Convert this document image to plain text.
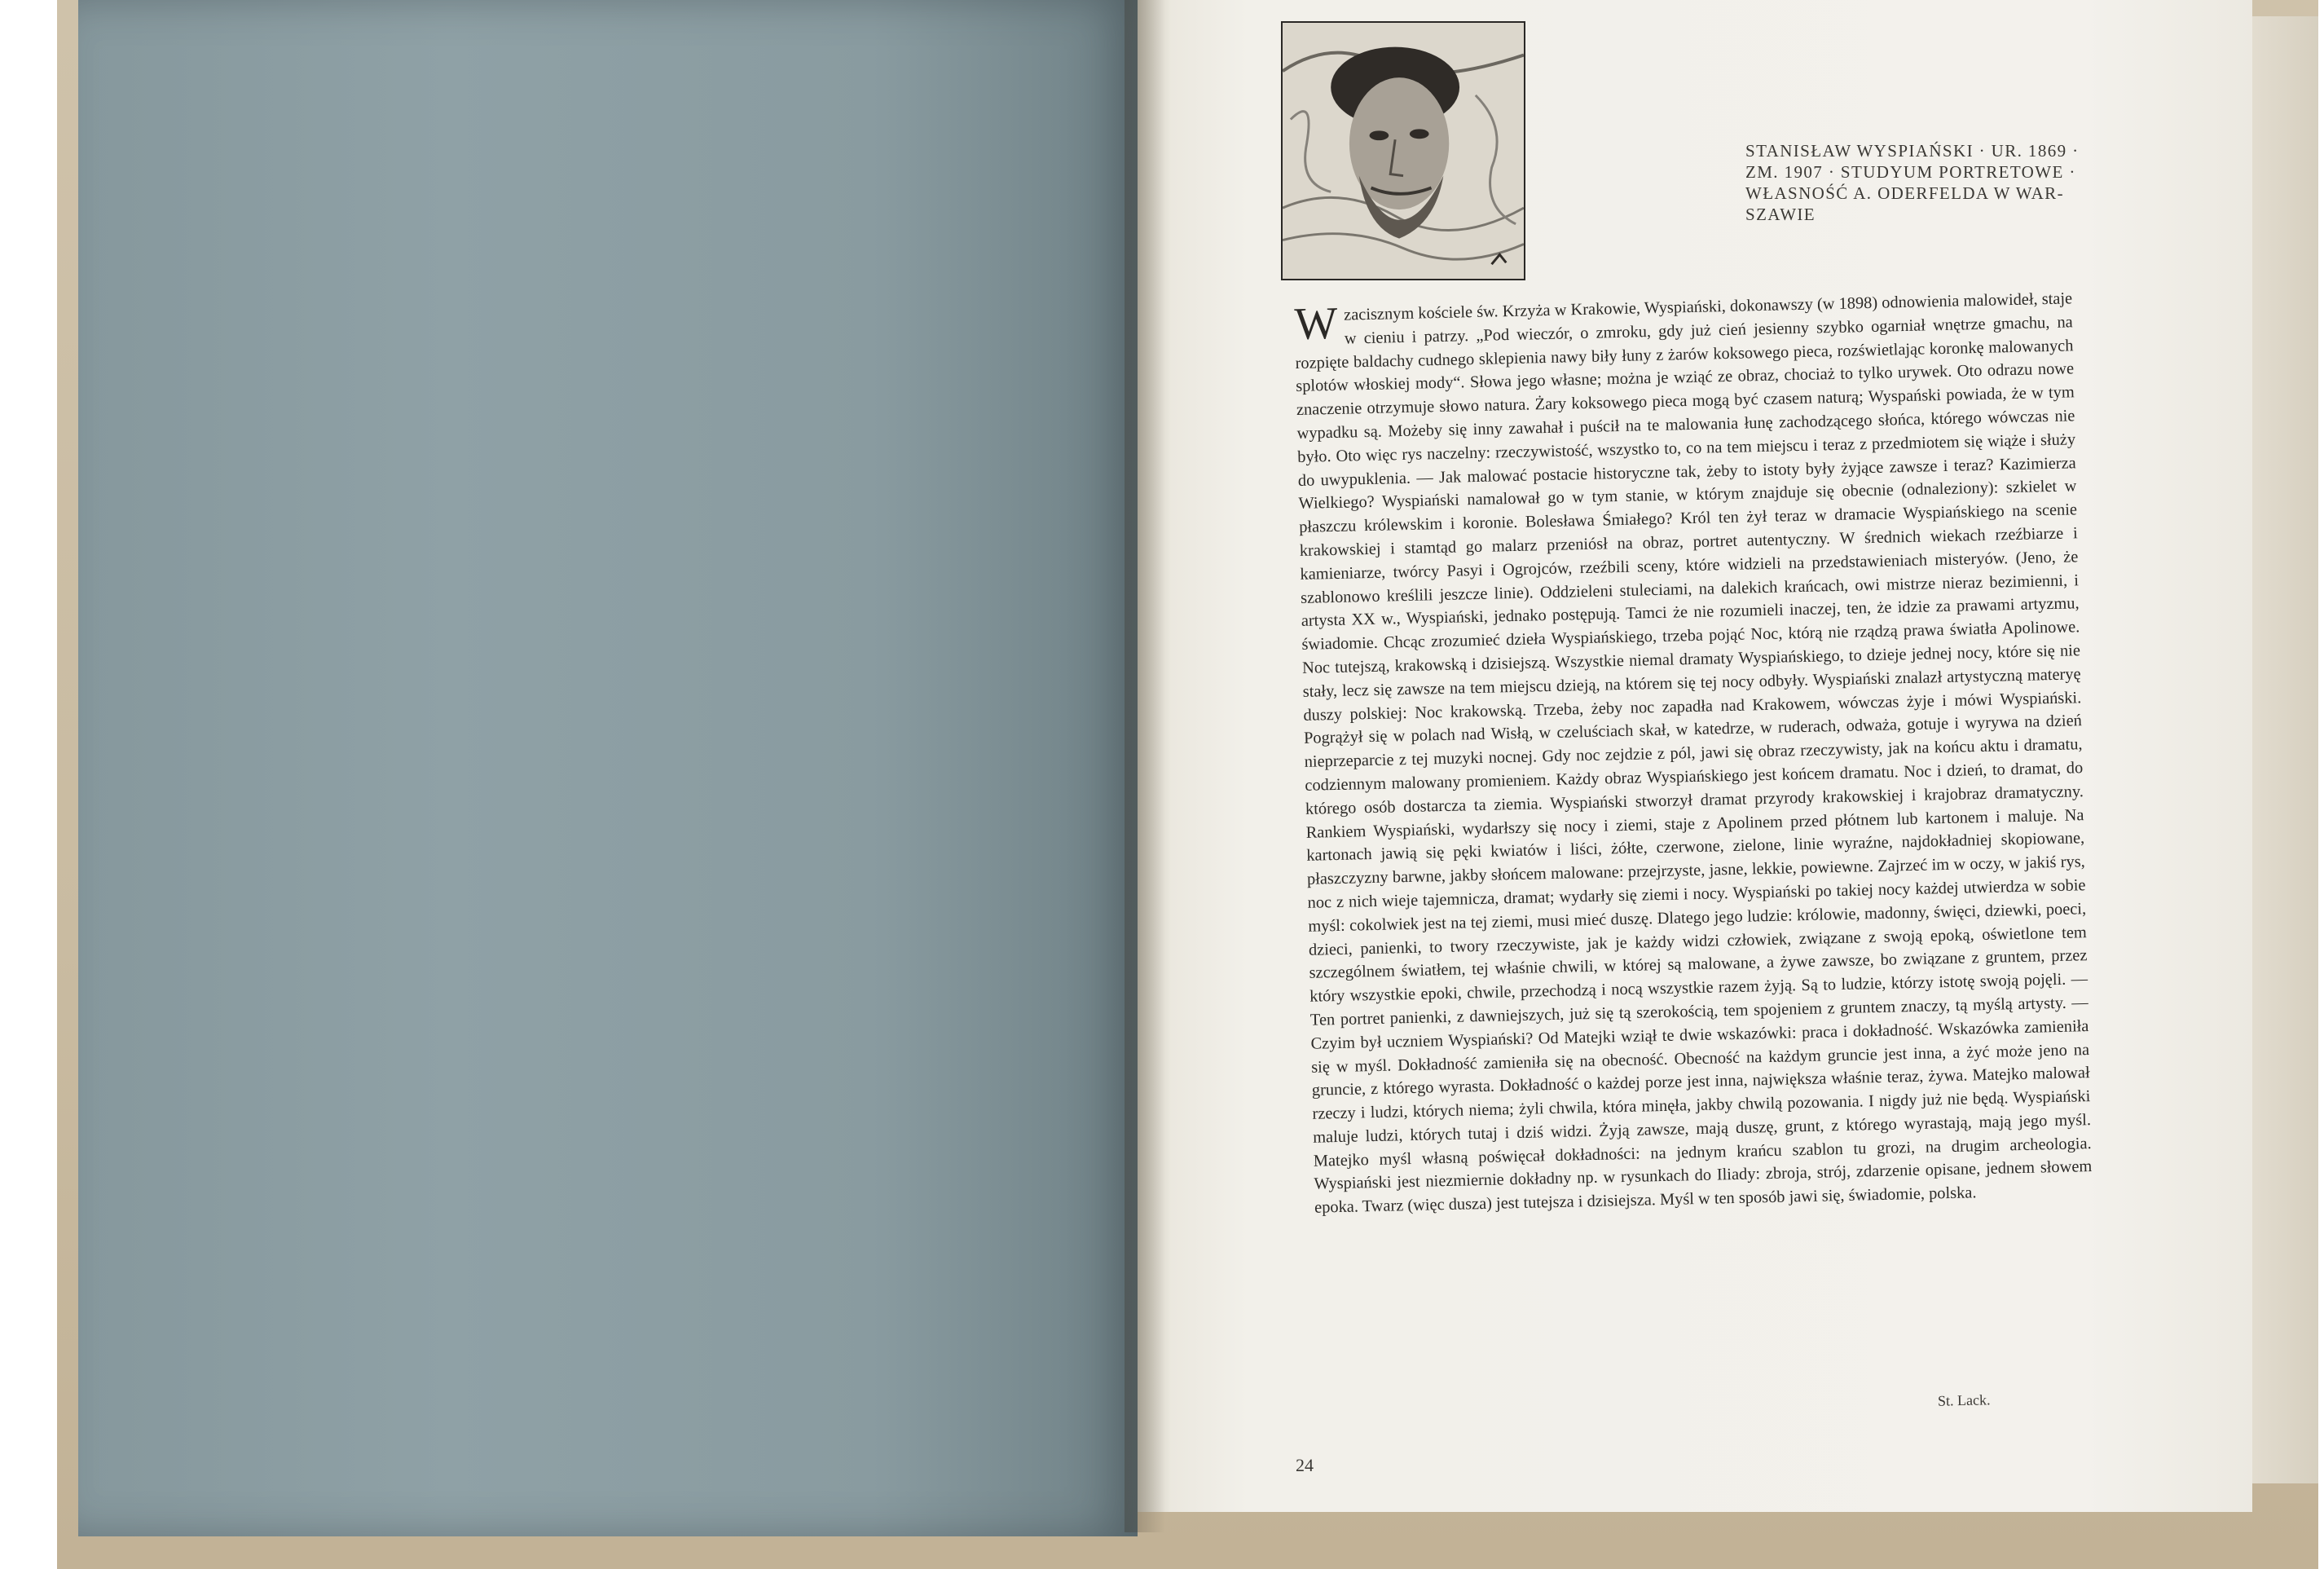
STANISŁAW WYSPIAŃSKI · UR. 1869 ·
ZM. 1907 · STUDYUM PORTRETOWE ·
WŁASNOŚĆ A. ODERFELDA W WAR-
SZAWIE
W zacisznym kościele św. Krzyża w Krakowie, Wyspiański, dokonawszy (w 1898) odnowienia malowideł, staje w cieniu i patrzy. „Pod wieczór, o zmroku, gdy już cień jesienny szybko ogarniał wnętrze gmachu, na rozpięte baldachy cudnego sklepienia nawy biły łuny z żarów koksowego pieca, rozświetlając koronkę malowanych splotów włoskiej mody“. Słowa jego własne; można je wziąć ze obraz, chociaż to tylko urywek. Oto odrazu nowe znaczenie otrzymuje słowo natura. Żary koksowego pieca mogą być czasem naturą; Wyspański powiada, że w tym wypadku są. Możeby się inny zawahał i puścił na te malowania łunę zachodzącego słońca, którego wówczas nie było. Oto więc rys naczelny: rzeczywistość, wszystko to, co na tem miejscu i teraz z przedmiotem się wiąże i służy do uwypuklenia. — Jak malować postacie historyczne tak, żeby to istoty były żyjące zawsze i teraz? Kazimierza Wielkiego? Wyspiański namalował go w tym stanie, w którym znajduje się obecnie (odnaleziony): szkielet w płaszczu królewskim i koronie. Bolesława Śmiałego? Król ten żył teraz w dramacie Wyspiańskiego na scenie krakowskiej i stamtąd go malarz przeniósł na obraz, portret autentyczny. W średnich wiekach rzeźbiarze i kamieniarze, twórcy Pasyi i Ogrojców, rzeźbili sceny, które widzieli na przedstawieniach misteryów. (Jeno, że szablonowo kreślili jeszcze linie). Oddzieleni stuleciami, na dalekich krańcach, owi mistrze nieraz bezimienni, i artysta XX w., Wyspiański, jednako postępują. Tamci że nie rozumieli inaczej, ten, że idzie za prawami artyzmu, świadomie. Chcąc zrozumieć dzieła Wyspiańskiego, trzeba pojąć Noc, którą nie rządzą prawa światła Apolinowe. Noc tutejszą, krakowską i dzisiejszą. Wszystkie niemal dramaty Wyspiańskiego, to dzieje jednej nocy, które się nie stały, lecz się zawsze na tem miejscu dzieją, na którem się tej nocy odbyły. Wyspiański znalazł artystyczną materyę duszy polskiej: Noc krakowską. Trzeba, żeby noc zapadła nad Krakowem, wówczas żyje i mówi Wyspiański. Pogrążył się w polach nad Wisłą, w czeluściach skał, w katedrze, w ruderach, odważa, gotuje i wyrywa na dzień nieprzeparcie z tej muzyki nocnej. Gdy noc zejdzie z pól, jawi się obraz rzeczywisty, jak na końcu aktu i dramatu, codziennym malowany promieniem. Każdy obraz Wyspiańskiego jest końcem dramatu. Noc i dzień, to dramat, do którego osób dostarcza ta ziemia. Wyspiański stworzył dramat przyrody krakowskiej i krajobraz dramatyczny. Rankiem Wyspiański, wydarłszy się nocy i ziemi, staje z Apolinem przed płótnem lub kartonem i maluje. Na kartonach jawią się pęki kwiatów i liści, żółte, czerwone, zielone, linie wyraźne, najdokładniej skopiowane, płaszczyzny barwne, jakby słońcem malowane: przejrzyste, jasne, lekkie, powiewne. Zajrzeć im w oczy, w jakiś rys, noc z nich wieje tajemnicza, dramat; wydarły się ziemi i nocy. Wyspiański po takiej nocy każdej utwierdza w sobie myśl: cokolwiek jest na tej ziemi, musi mieć duszę. Dlatego jego ludzie: królowie, madonny, święci, dziewki, poeci, dzieci, panienki, to twory rzeczywiste, jak je każdy widzi człowiek, związane z swoją epoką, oświetlone tem szczególnem światłem, tej właśnie chwili, w której są malowane, a żywe zawsze, bo związane z gruntem, przez który wszystkie epoki, chwile, przechodzą i nocą wszystkie razem żyją. Są to ludzie, którzy istotę swoją pojęli. — Ten portret panienki, z dawniejszych, już się tą szerokością, tem spojeniem z gruntem znaczy, tą myślą artysty. — Czyim był uczniem Wyspiański? Od Matejki wziął te dwie wskazówki: praca i dokładność. Wskazówka zamieniła się w myśl. Dokładność zamieniła się na obecność. Obecność na każdym gruncie jest inna, a żyć może jeno na gruncie, z którego wyrasta. Dokładność o każdej porze jest inna, największa właśnie teraz, żywa. Matejko malował rzeczy i ludzi, których niema; żyli chwila, która minęła, jakby chwilą pozowania. I nigdy już nie będą. Wyspiański maluje ludzi, których tutaj i dziś widzi. Żyją zawsze, mają duszę, grunt, z którego wyrastają, mają jego myśl. Matejko myśl własną poświęcał dokładności: na jednym krańcu szablon tu grozi, na drugim archeologia. Wyspiański jest niezmiernie dokładny np. w rysunkach do Iliady: zbroja, strój, zdarzenie opisane, jednem słowem epoka. Twarz (więc dusza) jest tutejsza i dzisiejsza. Myśl w ten sposób jawi się, świadomie, polska.
St. Lack.
24
